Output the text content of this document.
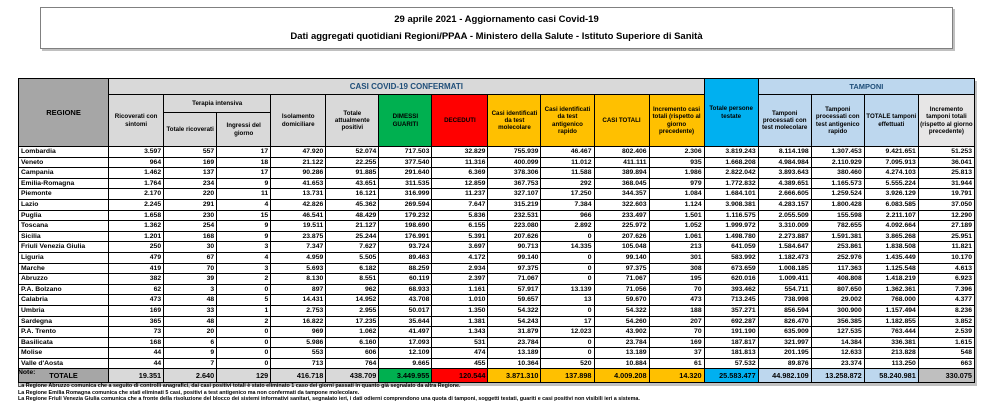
29 aprile 2021 - Aggiornamento casi Covid-19
Dati aggregati quotidiani Regioni/PPAA - Ministero della Salute - Istituto Superiore di Sanità
REGIONE	CASI COVID-19 CONFERMATI											Totale persone testate	TAMPONI			
	Ricoverati con sintomi	Terapia intensiva		Isolamento domiciliare	Totale attualmente positivi	DIMESSI GUARITI	DECEDUTI	Casi identificati da test molecolare	Casi identificati da test antigenico rapido	CASI TOTALI	Incremento casi totali (rispetto al giorno precedente)		Tamponi processati con test molecolare	Tamponi processati con test antigenico rapido	TOTALE tamponi effettuati	Incremento tamponi totali (rispetto al giorno precedente)
		Totale ricoverati	Ingressi del giorno													
Lombardia	3.597	557	17	47.920	52.074	717.503	32.829	755.939	46.467	802.406	2.306	3.819.243	8.114.198	1.307.453	9.421.651	51.253
Veneto	964	169	18	21.122	22.255	377.540	11.316	400.099	11.012	411.111	935	1.668.208	4.984.984	2.110.929	7.095.913	36.041
Campania	1.462	137	17	90.286	91.885	291.640	6.369	378.306	11.588	389.894	1.986	2.822.042	3.893.643	380.460	4.274.103	25.813
Emilia-Romagna	1.764	234	9	41.653	43.651	311.535	12.859	367.753	292	368.045	979	1.772.832	4.389.651	1.165.573	5.555.224	31.944
Piemonte	2.170	220	11	13.731	16.121	316.999	11.237	327.107	17.250	344.357	1.084	1.684.101	2.666.605	1.259.524	3.926.129	19.791
Lazio	2.245	291	4	42.826	45.362	269.594	7.647	315.219	7.384	322.603	1.124	3.908.381	4.283.157	1.800.428	6.083.585	37.050
Puglia	1.658	230	15	46.541	48.429	179.232	5.836	232.531	966	233.497	1.501	1.116.575	2.055.509	155.598	2.211.107	12.290
Toscana	1.362	254	9	19.511	21.127	198.690	6.155	223.080	2.892	225.972	1.052	1.999.972	3.310.009	782.655	4.092.664	27.189
Sicilia	1.201	168	9	23.875	25.244	176.991	5.391	207.626	0	207.626	1.061	1.498.780	2.273.887	1.591.381	3.865.268	25.951
Friuli Venezia Giulia	250	30	3	7.347	7.627	93.724	3.697	90.713	14.335	105.048	213	641.059	1.584.647	253.861	1.838.508	11.821
Liguria	479	67	4	4.959	5.505	89.463	4.172	99.140	0	99.140	301	583.992	1.182.473	252.976	1.435.449	10.170
Marche	419	70	3	5.693	6.182	88.259	2.934	97.375	0	97.375	308	673.659	1.008.185	117.363	1.125.548	4.613
Abruzzo	382	39	2	8.130	8.551	60.119	2.397	71.067	0	71.067	195	620.016	1.009.411	408.808	1.418.219	6.923
P.A. Bolzano	62	3	0	897	962	68.933	1.161	57.917	13.139	71.056	70	393.462	554.711	807.650	1.362.361	7.396
Calabria	473	48	5	14.431	14.952	43.708	1.010	59.657	13	59.670	473	713.245	738.998	29.002	768.000	4.377
Umbria	169	33	1	2.753	2.955	50.017	1.350	54.322	0	54.322	188	357.271	856.594	300.900	1.157.494	8.236
Sardegna	365	48	2	16.822	17.235	35.644	1.381	54.243	17	54.260	207	692.287	826.470	356.385	1.182.855	3.852
P.A. Trento	73	20	0	969	1.062	41.497	1.343	31.879	12.023	43.902	70	191.190	635.909	127.535	763.444	2.539
Basilicata	168	6	0	5.986	6.160	17.093	531	23.784	0	23.784	169	187.817	321.997	14.384	336.381	1.615
Molise	44	9	0	553	606	12.109	474	13.189	0	13.189	37	181.813	201.195	12.633	213.828	548
Valle d'Aosta	44	7	0	713	764	9.665	455	10.364	520	10.884	61	57.532	89.876	23.374	113.250	663
TOTALE	19.351	2.640	129	416.718	438.709	3.449.955	120.544	3.871.310	137.898	4.009.208	14.320	25.583.477	44.982.109	13.258.872	58.240.981	330.075
Note:
La Regione Abruzzo comunica che a seguito di controlli anagrafici, dai casi positivi totali è stato eliminato 1 caso dei giorni passati in quanto già segnalato da altra Regione.
La Regione Emilia Romagna comunica che stati eliminati 5 casi, positivi a test antigenico ma non confermati da tampone molecolare.
La Regione Friuli Venezia Giulia comunica che a fronte della risoluzione del blocco dei sistemi informativi sanitari, segnalato ieri, i dati odierni comprendono una quota di tamponi, soggetti testati, guariti e casi positivi non visibili ieri a sistema.
